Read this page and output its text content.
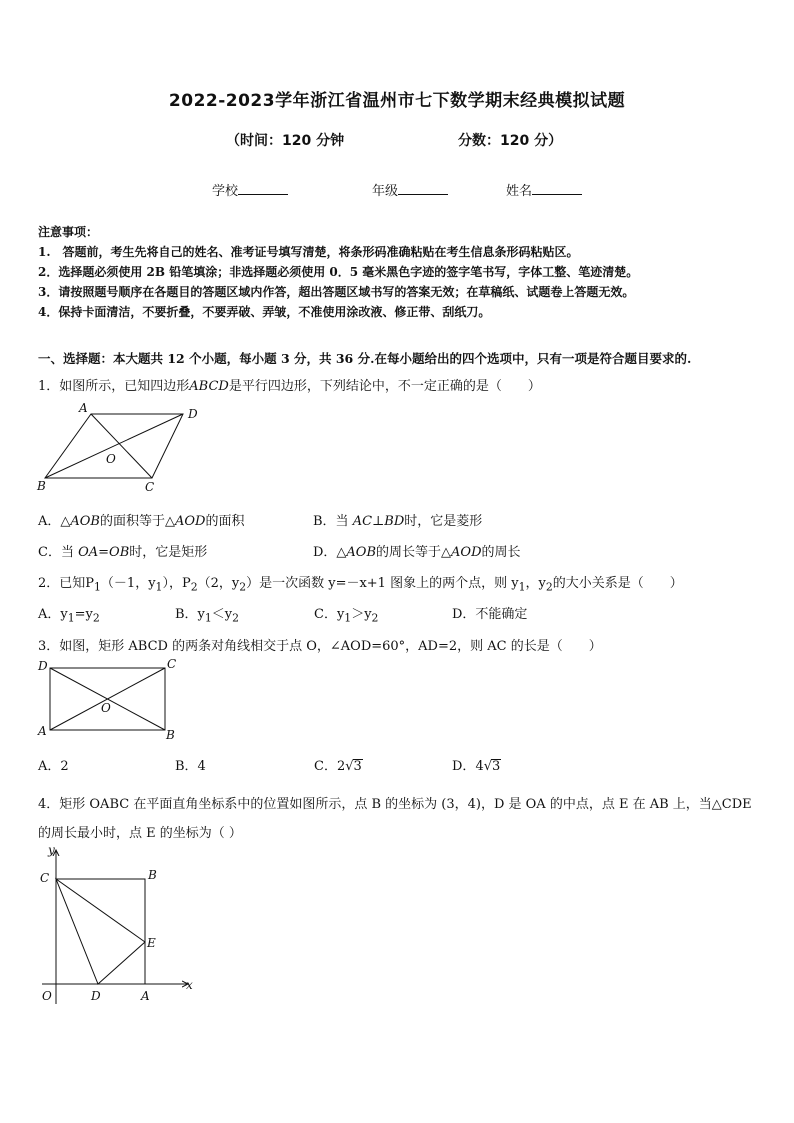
2022-2023学年浙江省温州市七下数学期末经典模拟试题
（时间：120 分钟	分数：120 分）
学校	年级	姓名
注意事项：
1.　答题前，考生先将自己的姓名、准考证号填写清楚，将条形码准确粘贴在考生信息条形码粘贴区。
2．选择题必须使用 2B 铅笔填涂；非选择题必须使用 0．5 毫米黑色字迹的签字笔书写，字体工整、笔迹清楚。
3．请按照题号顺序在各题目的答题区域内作答，超出答题区域书写的答案无效；在草稿纸、试题卷上答题无效。
4．保持卡面清洁，不要折叠，不要弄破、弄皱，不准使用涂改液、修正带、刮纸刀。
一、选择题：本大题共 12 个小题，每小题 3 分，共 36 分.在每小题给出的四个选项中，只有一项是符合题目要求的.
1．如图所示，已知四边形ABCD是平行四边形，下列结论中，不一定正确的是（　　）
A	D
B	C
O
A．△AOB的面积等于△AOD的面积	B．当 AC⊥BD时，它是菱形
C．当 OA=OB时，它是矩形	D．△AOB的周长等于△AOD的周长
2．已知$P_1(-1$，$y_1$），$P_2(2$，$y_2$）是一次函数 y=－x+1 图象上的两个点，则 $y_1$，$y_2$的大小关系是（　　）
A．$y_1=y_2$	B．$y_1<y_2$	C．$y_1>y_2$	D．不能确定
3．如图，矩形 ABCD 的两条对角线相交于点 O，∠AOD=60°，AD=2，则 AC 的长是（　　）
D	C
A	B
O
A．2	B．4	C．2√3	D．4√3
4．矩形 OABC 在平面直角坐标系中的位置如图所示，点 B 的坐标为 (3，4)，D 是 OA 的中点，点 E 在 AB 上，当△CDE
的周长最小时，点 E 的坐标为（ ）
y
x
C	B
E
O	D	A
